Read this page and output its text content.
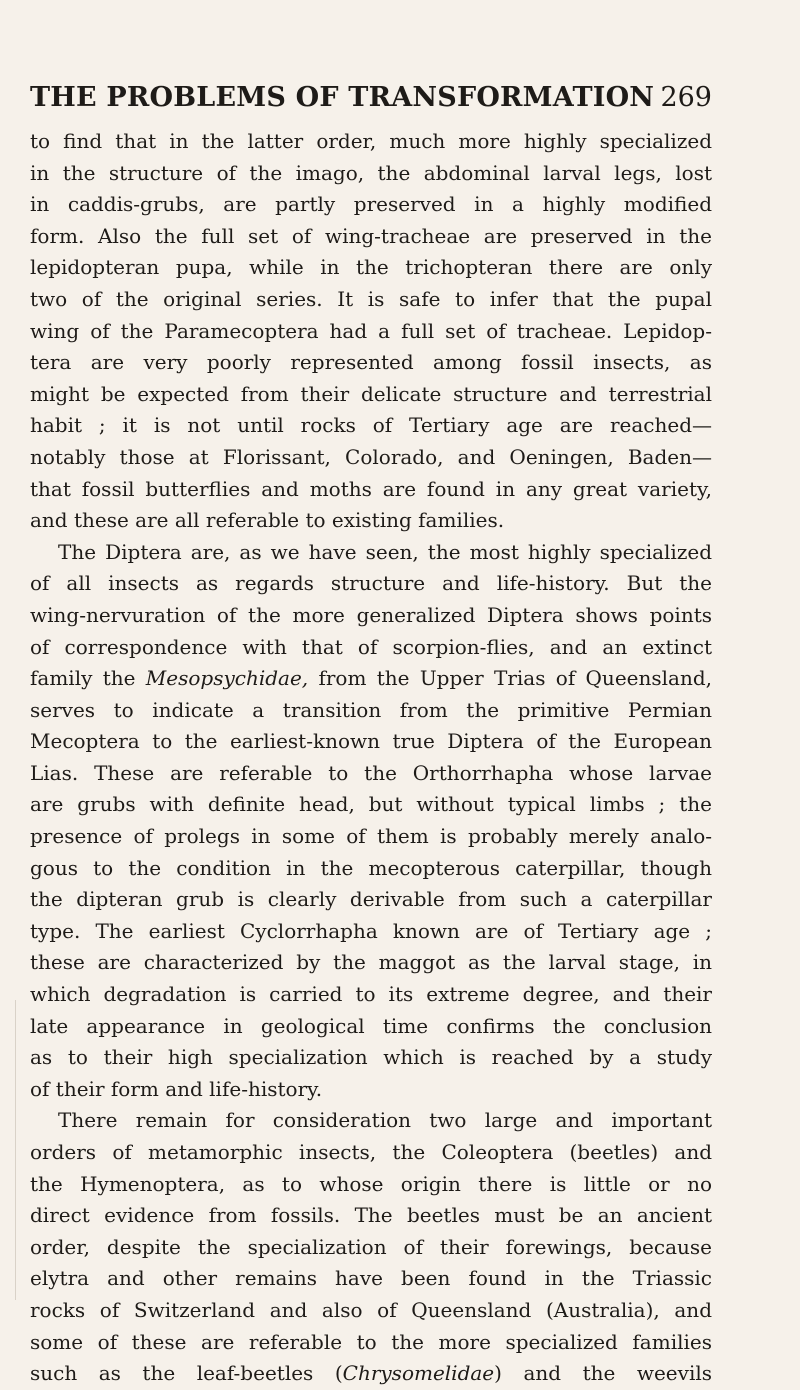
THE PROBLEMS OF TRANSFORMATION 269
to find that in the latter order, much more highly specialized
in the structure of the imago, the abdominal larval legs, lost
in caddis-grubs, are partly preserved in a highly modified
form. Also the full set of wing-tracheae are preserved in the
lepidopteran pupa, while in the trichopteran there are only
two of the original series. It is safe to infer that the pupal
wing of the Paramecoptera had a full set of tracheae. Lepidop-
tera are very poorly represented among fossil insects, as
might be expected from their delicate structure and terrestrial
habit ; it is not until rocks of Tertiary age are reached—
notably those at Florissant, Colorado, and Oeningen, Baden—
that fossil butterflies and moths are found in any great variety,
and these are all referable to existing families.
The Diptera are, as we have seen, the most highly specialized
of all insects as regards structure and life-history. But the
wing-nervuration of the more generalized Diptera shows points
of correspondence with that of scorpion-flies, and an extinct
family the Mesopsychidae, from the Upper Trias of Queensland,
serves to indicate a transition from the primitive Permian
Mecoptera to the earliest-known true Diptera of the European
Lias. These are referable to the Orthorrhapha whose larvae
are grubs with definite head, but without typical limbs ; the
presence of prolegs in some of them is probably merely analo-
gous to the condition in the mecopterous caterpillar, though
the dipteran grub is clearly derivable from such a caterpillar
type. The earliest Cyclorrhapha known are of Tertiary age ;
these are characterized by the maggot as the larval stage, in
which degradation is carried to its extreme degree, and their
late appearance in geological time confirms the conclusion
as to their high specialization which is reached by a study
of their form and life-history.
There remain for consideration two large and important
orders of metamorphic insects, the Coleoptera (beetles) and
the Hymenoptera, as to whose origin there is little or no
direct evidence from fossils. The beetles must be an ancient
order, despite the specialization of their forewings, because
elytra and other remains have been found in the Triassic
rocks of Switzerland and also of Queensland (Australia), and
some of these are referable to the more specialized families
such as the leaf-beetles (Chrysomelidae) and the weevils
